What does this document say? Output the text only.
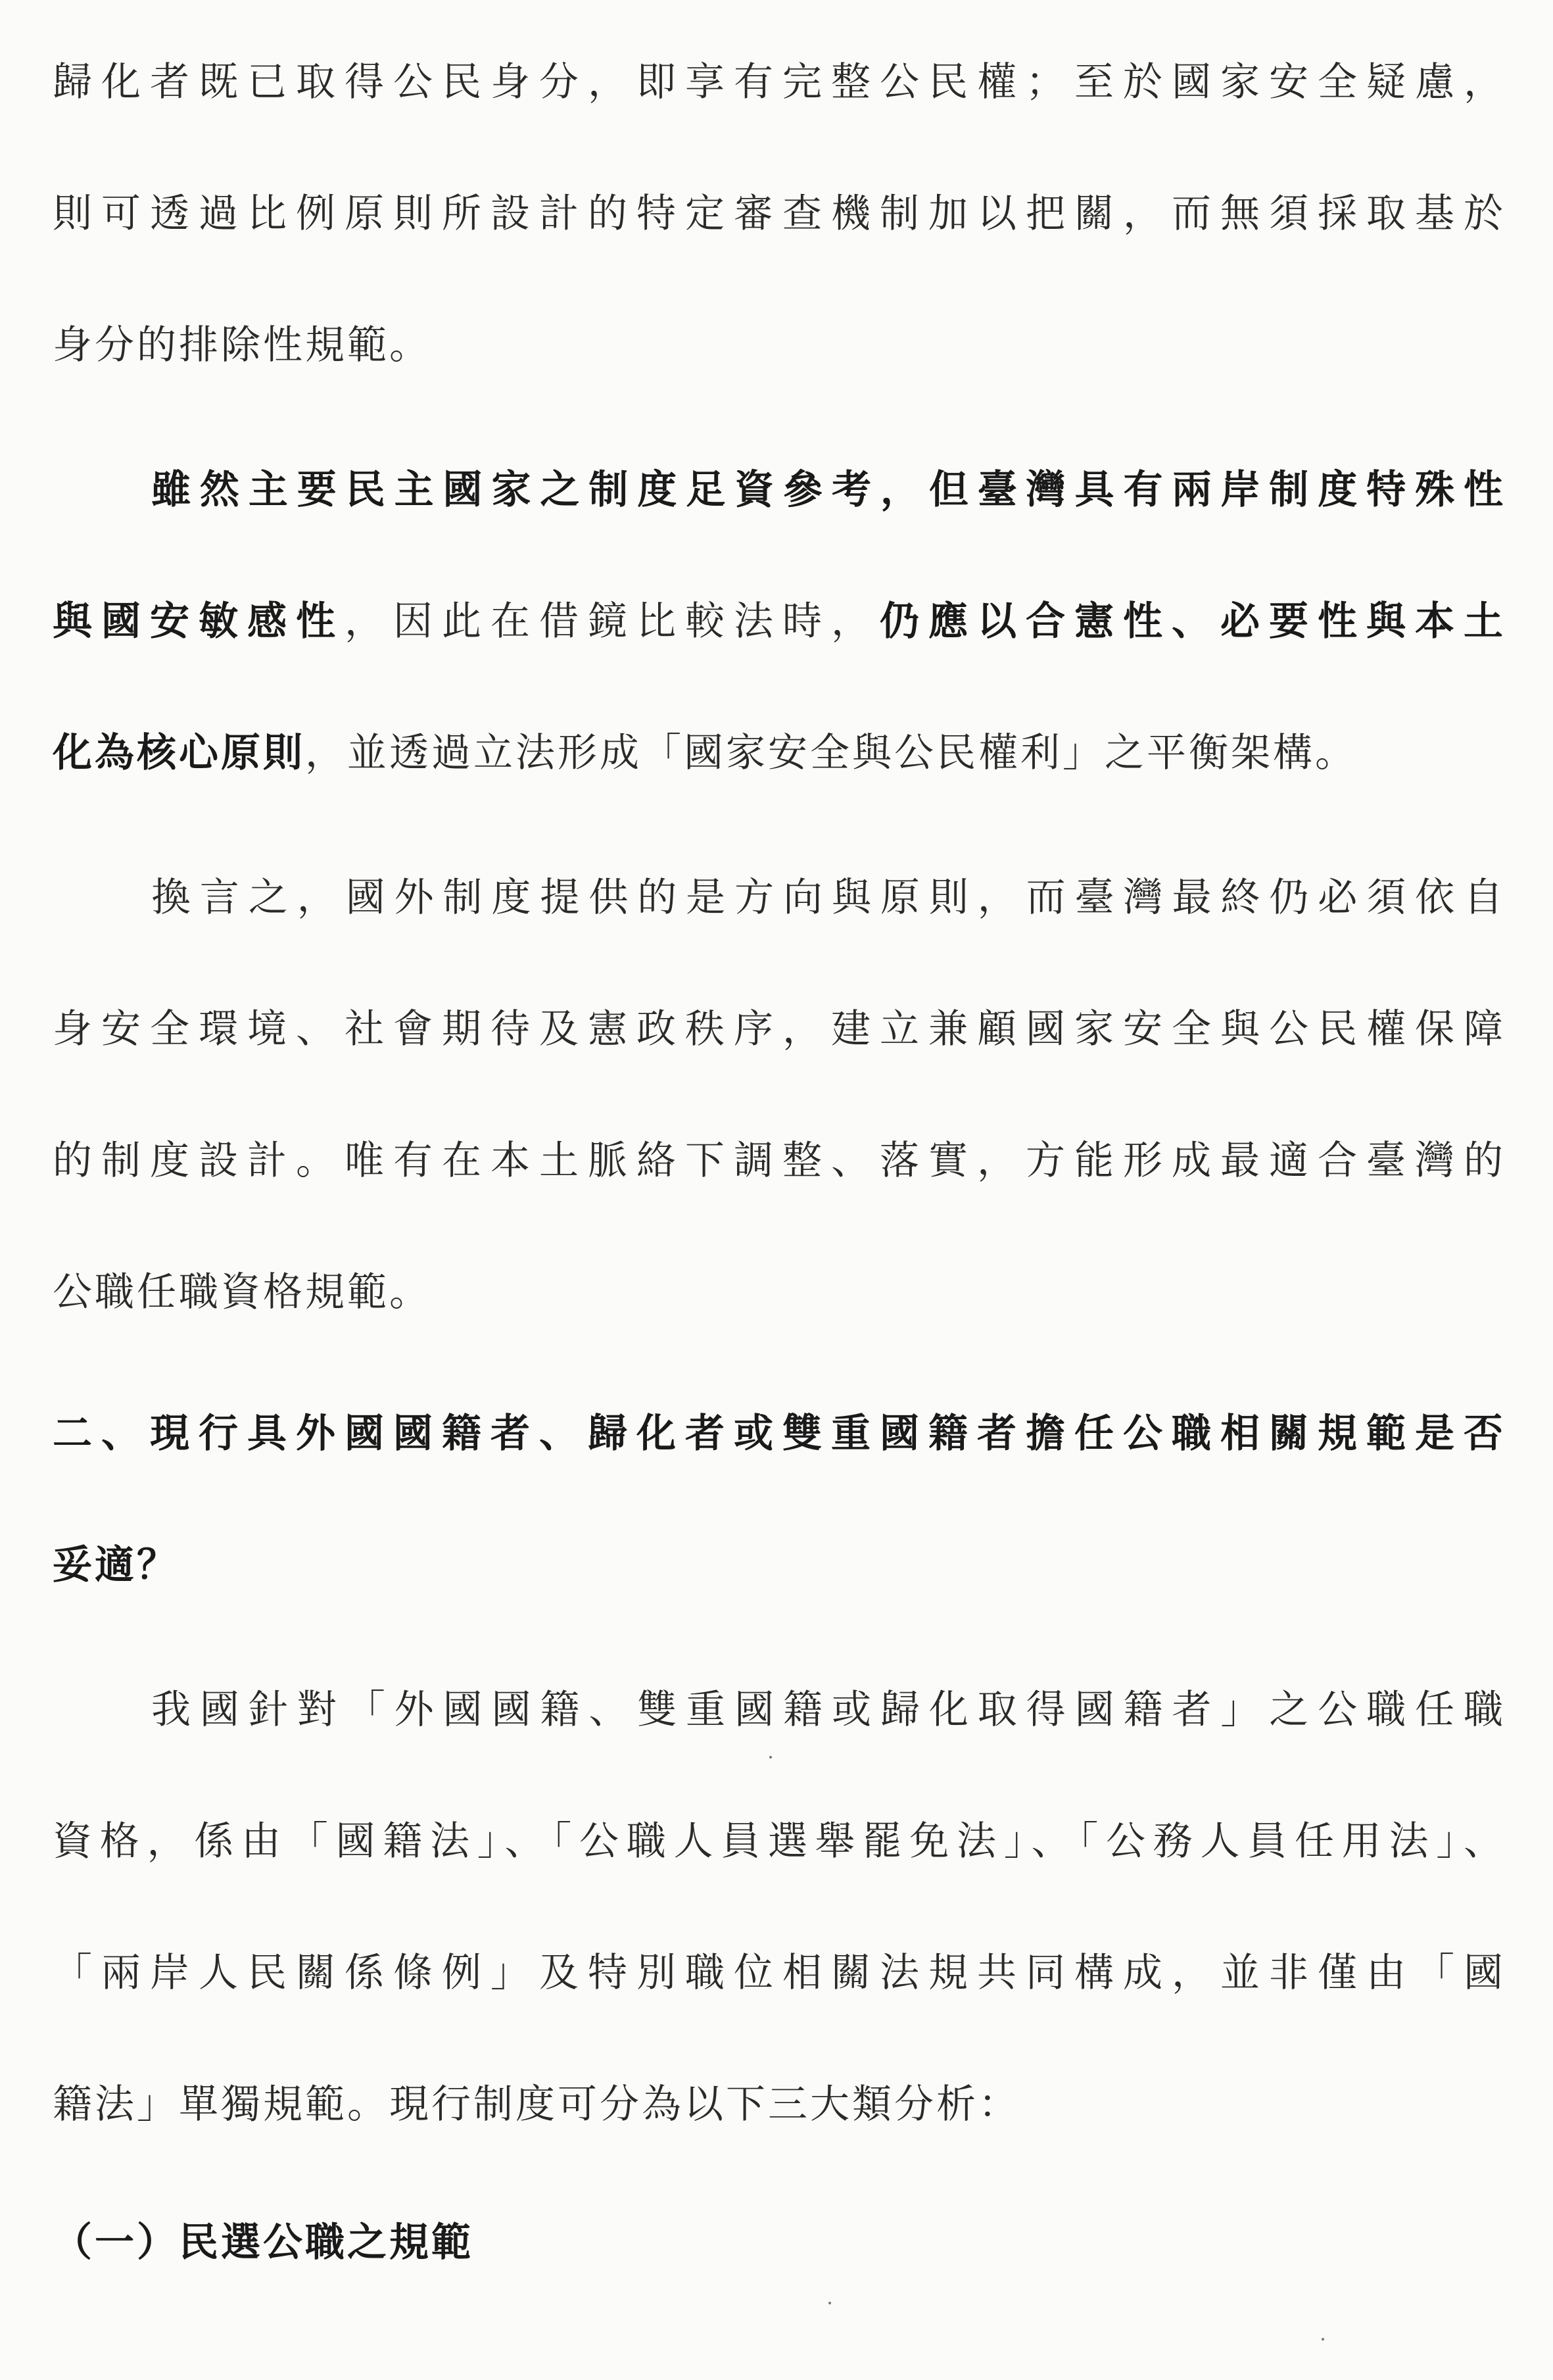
歸化者既已取得公民身分，即享有完整公民權；至於國家安全疑慮，
則可透過比例原則所設計的特定審查機制加以把關，而無須採取基於
身分的排除性規範。
雖然主要民主國家之制度足資參考，但臺灣具有兩岸制度特殊性
與國安敏感性，因此在借鏡比較法時，仍應以合憲性、必要性與本土
化為核心原則，並透過立法形成「國家安全與公民權利」之平衡架構。
換言之，國外制度提供的是方向與原則，而臺灣最終仍必須依自
身安全環境、社會期待及憲政秩序，建立兼顧國家安全與公民權保障
的制度設計。唯有在本土脈絡下調整、落實，方能形成最適合臺灣的
公職任職資格規範。
二、現行具外國國籍者、歸化者或雙重國籍者擔任公職相關規範是否
妥適？
我國針對「外國國籍、雙重國籍或歸化取得國籍者」之公職任職
資格，係由「國籍法」、「公職人員選舉罷免法」、「公務人員任用法」、
「兩岸人民關係條例」及特別職位相關法規共同構成，並非僅由「國
籍法」單獨規範。現行制度可分為以下三大類分析：
（一）民選公職之規範
